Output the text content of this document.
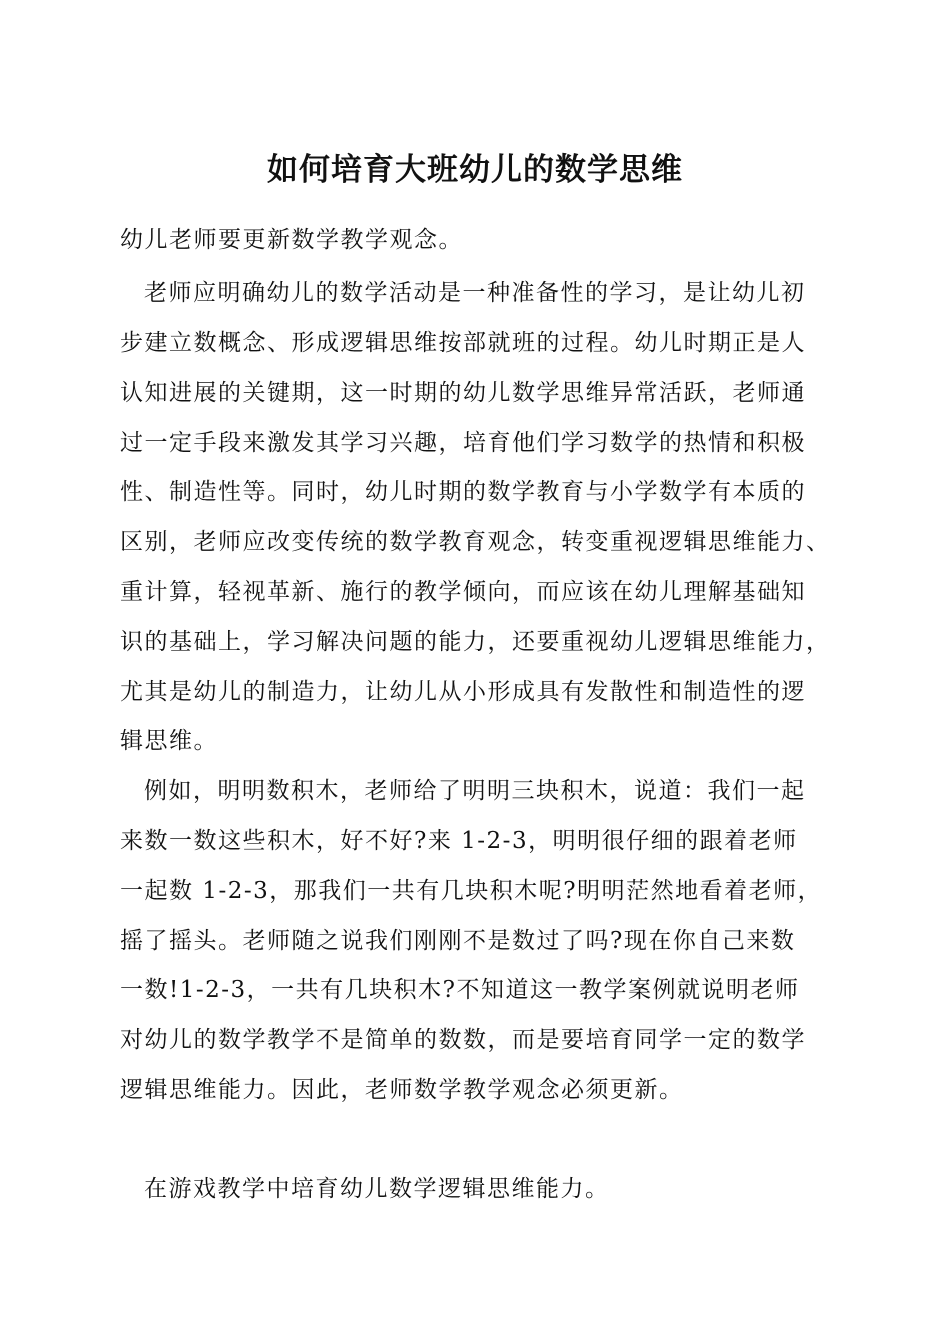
如何培育大班幼儿的数学思维
幼儿老师要更新数学教学观念。
老师应明确幼儿的数学活动是一种准备性的学习，是让幼儿初
步建立数概念、形成逻辑思维按部就班的过程。幼儿时期正是人
认知进展的关键期，这一时期的幼儿数学思维异常活跃，老师通
过一定手段来激发其学习兴趣，培育他们学习数学的热情和积极
性、制造性等。同时，幼儿时期的数学教育与小学数学有本质的
区别，老师应改变传统的数学教育观念，转变重视逻辑思维能力、
重计算，轻视革新、施行的教学倾向，而应该在幼儿理解基础知
识的基础上，学习解决问题的能力，还要重视幼儿逻辑思维能力，
尤其是幼儿的制造力，让幼儿从小形成具有发散性和制造性的逻
辑思维。
例如，明明数积木，老师给了明明三块积木，说道：我们一起
来数一数这些积木，好不好?来 1-2-3，明明很仔细的跟着老师
一起数 1-2-3，那我们一共有几块积木呢?明明茫然地看着老师，
摇了摇头。老师随之说我们刚刚不是数过了吗?现在你自己来数
一数!1-2-3，一共有几块积木?不知道这一教学案例就说明老师
对幼儿的数学教学不是简单的数数，而是要培育同学一定的数学
逻辑思维能力。因此，老师数学教学观念必须更新。
在游戏教学中培育幼儿数学逻辑思维能力。
